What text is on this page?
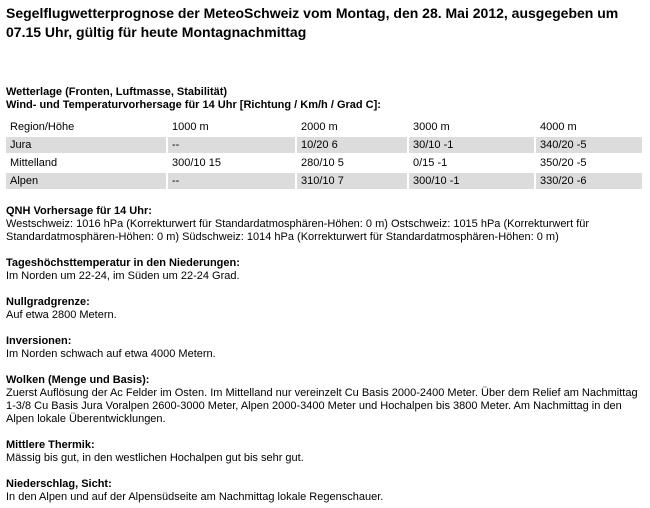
Segelflugwetterprognose der MeteoSchweiz vom Montag, den 28. Mai 2012, ausgegeben um 07.15 Uhr, gültig für heute Montagnachmittag
Wetterlage (Fronten, Luftmasse, Stabilität)
Wind- und Temperaturvorhersage für 14 Uhr [Richtung / Km/h / Grad C]:
Region/Höhe	1000 m	2000 m	3000 m	4000 m
Jura	--	10/20 6	30/10 -1	340/20 -5
Mittelland	300/10 15	280/10 5	0/15 -1	350/20 -5
Alpen	--	310/10 7	300/10 -1	330/20 -6
QNH Vorhersage für 14 Uhr:
Westschweiz: 1016 hPa (Korrekturwert für Standardatmosphären-Höhen: 0 m) Ostschweiz: 1015 hPa (Korrekturwert für Standardatmosphären-Höhen: 0 m) Südschweiz: 1014 hPa (Korrekturwert für Standardatmosphären-Höhen: 0 m)
Tageshöchsttemperatur in den Niederungen:
Im Norden um 22-24, im Süden um 22-24 Grad.
Nullgradgrenze:
Auf etwa 2800 Metern.
Inversionen:
Im Norden schwach auf etwa 4000 Metern.
Wolken (Menge und Basis):
Zuerst Auflösung der Ac Felder im Osten. Im Mittelland nur vereinzelt Cu Basis 2000-2400 Meter. Über dem Relief am Nachmittag 1-3/8 Cu Basis Jura Voralpen 2600-3000 Meter, Alpen 2000-3400 Meter und Hochalpen bis 3800 Meter. Am Nachmittag in den Alpen lokale Überentwicklungen.
Mittlere Thermik:
Mässig bis gut, in den westlichen Hochalpen gut bis sehr gut.
Niederschlag, Sicht:
In den Alpen und auf der Alpensüdseite am Nachmittag lokale Regenschauer.
